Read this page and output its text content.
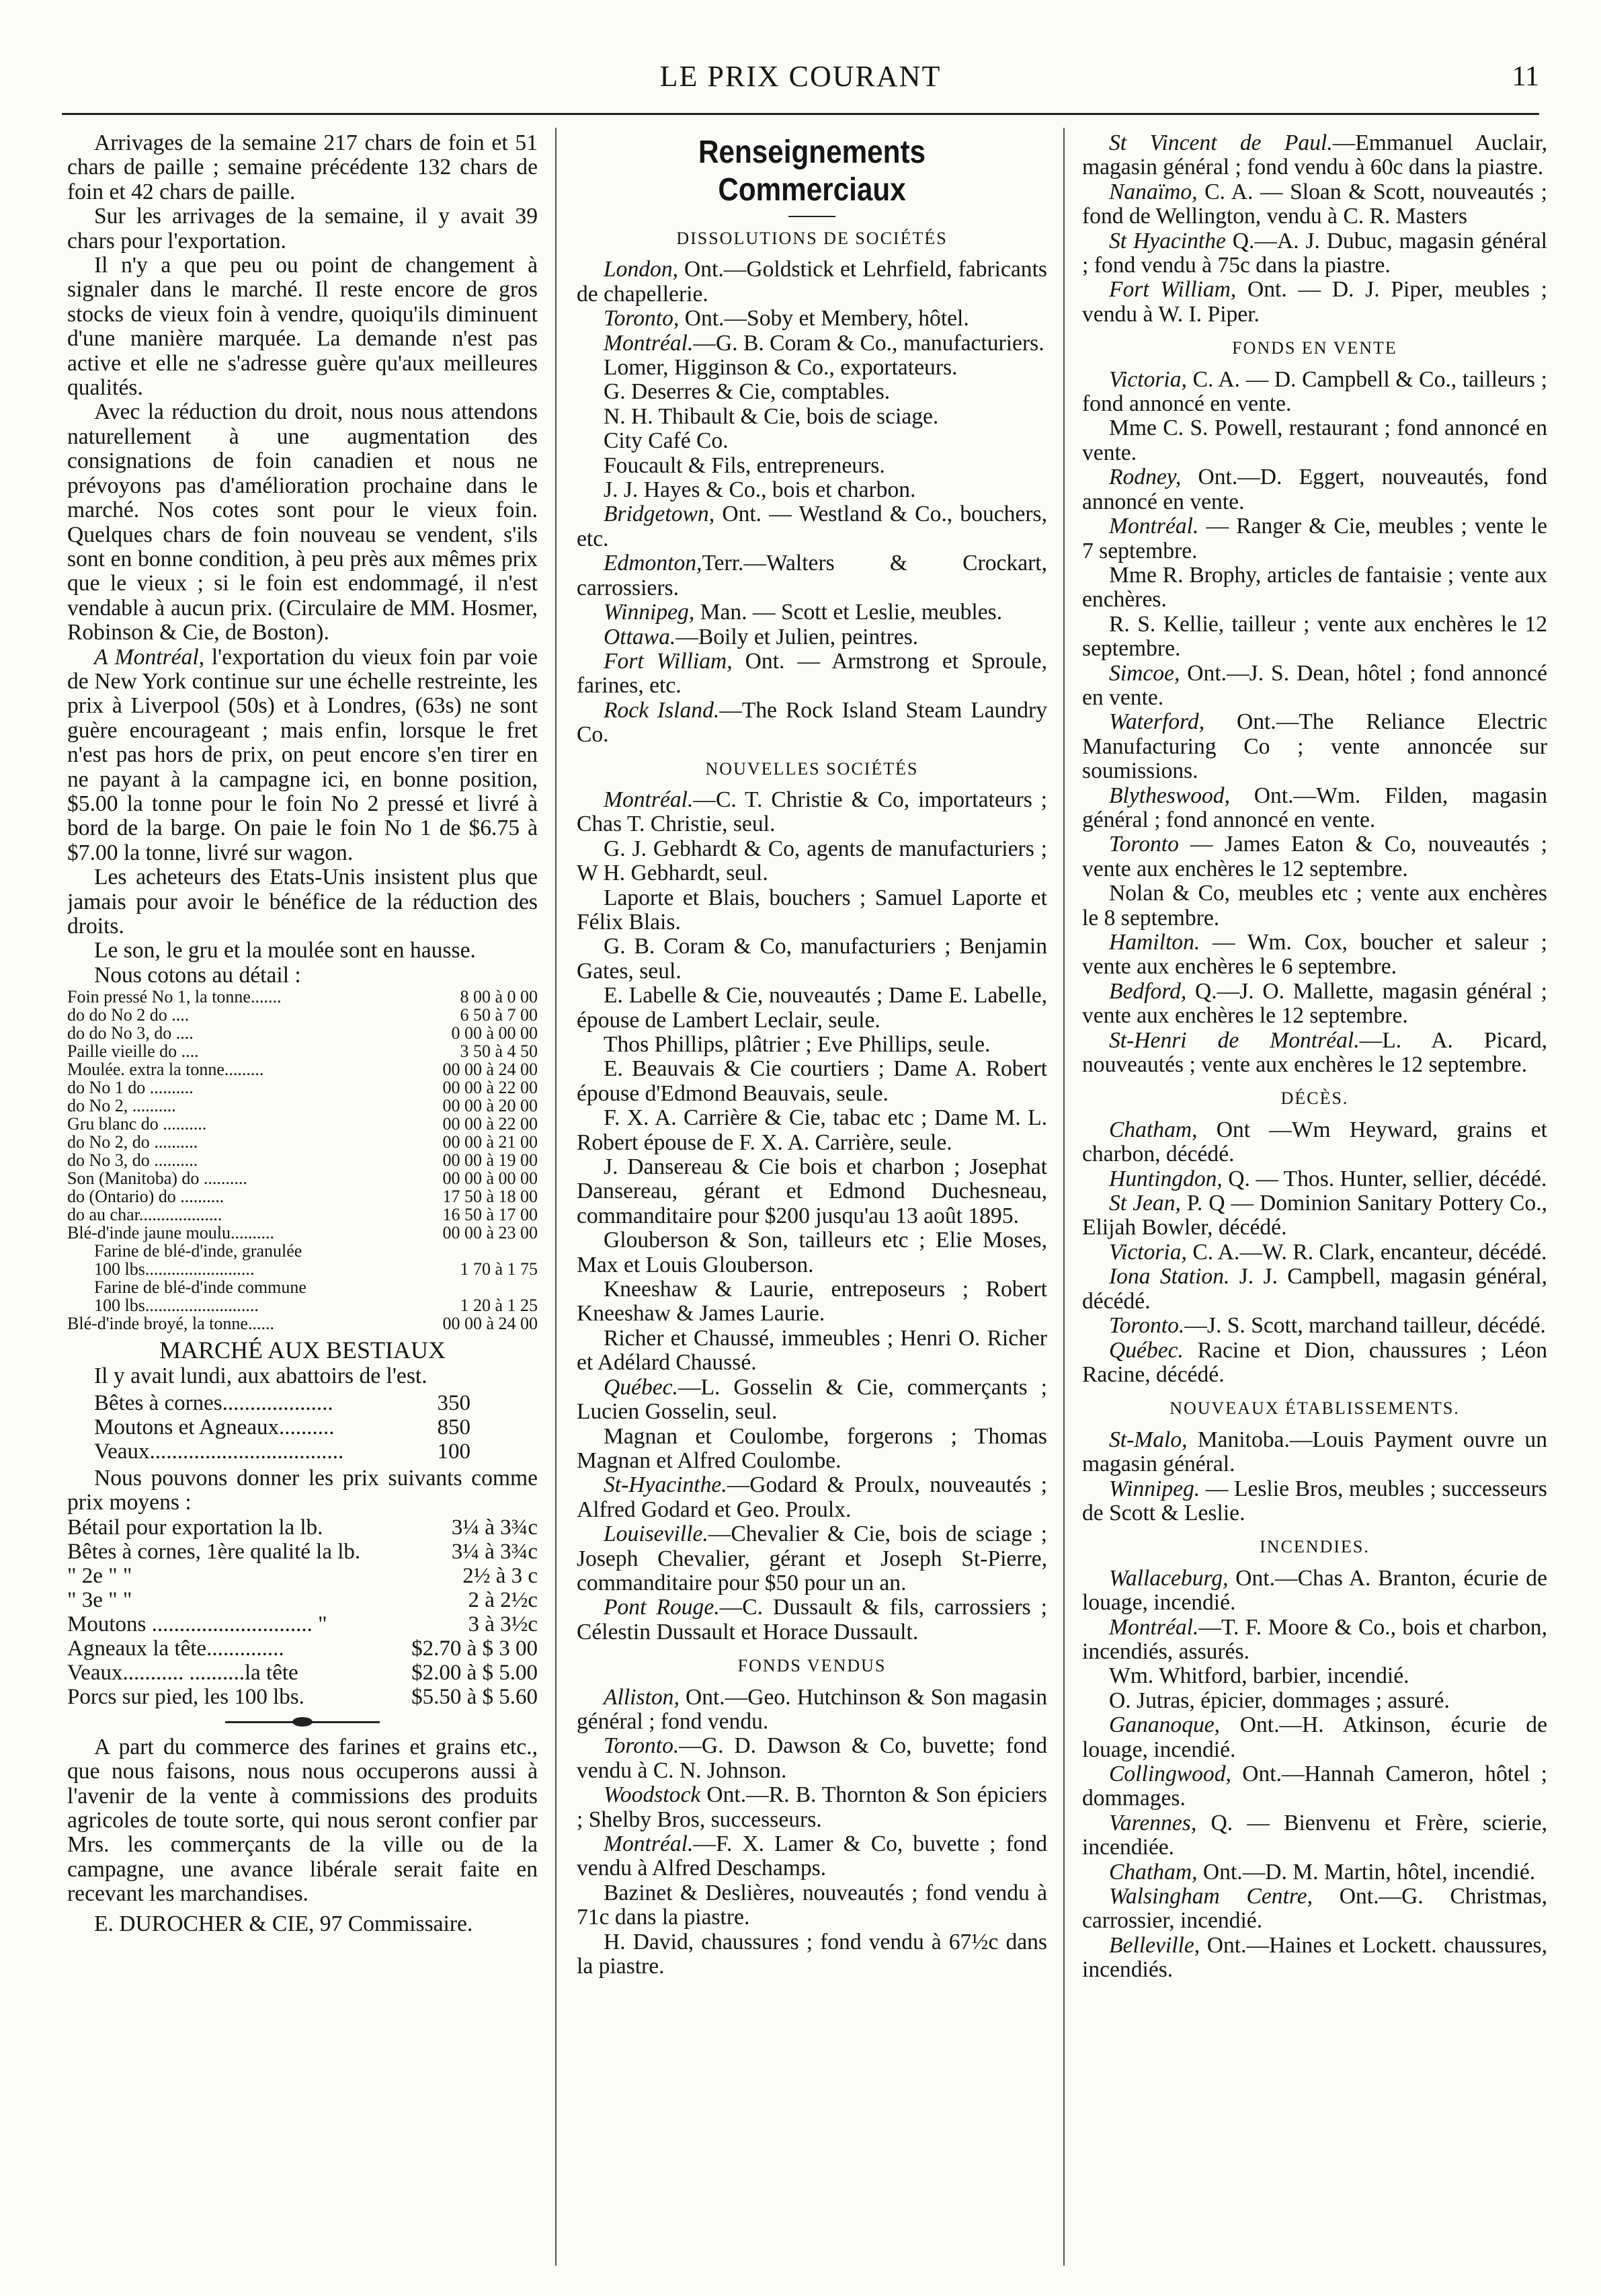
LE PRIX COURANT	11

Arrivages de la semaine 217 chars de foin et 51 chars de paille ; semaine précédente 132 chars de foin et 42 chars de paille.

Sur les arrivages de la semaine, il y avait 39 chars pour l'exportation.

Il n'y a que peu ou point de changement à signaler dans le marché. Il reste encore de gros stocks de vieux foin à vendre, quoiqu'ils diminuent d'une manière marquée. La demande n'est pas active et elle ne s'adresse guère qu'aux meilleures qualités.

Avec la réduction du droit, nous nous attendons naturellement à une augmentation des consignations de foin canadien et nous ne prévoyons pas d'amélioration prochaine dans le marché. Nos cotes sont pour le vieux foin. Quelques chars de foin nouveau se vendent, s'ils sont en bonne condition, à peu près aux mêmes prix que le vieux ; si le foin est endommagé, il n'est vendable à aucun prix. (Circulaire de MM. Hosmer, Robinson & Cie, de Boston).

A Montréal, l'exportation du vieux foin par voie de New York continue sur une échelle restreinte, les prix à Liverpool (50s) et à Londres, (63s) ne sont guère encourageant ; mais enfin, lorsque le fret n'est pas hors de prix, on peut encore s'en tirer en ne payant à la campagne ici, en bonne position, $5.00 la tonne pour le foin No 2 pressé et livré à bord de la barge. On paie le foin No 1 de $6.75 à $7.00 la tonne, livré sur wagon.

Les acheteurs des Etats-Unis insistent plus que jamais pour avoir le bénéfice de la réduction des droits.

Le son, le gru et la moulée sont en hausse.

Nous cotons au détail :

Foin pressé No 1, la tonne.......	8 00 à 0 00
do do No 2 do ....	6 50 à 7 00
do do No 3, do ....	0 00 à 00 00
Paille vieille do ....	3 50 à 4 50
Moulée. extra la tonne.........	00 00 à 24 00
do No 1 do ..........	00 00 à 22 00
do No 2, ..........	00 00 à 20 00
Gru blanc do ..........	00 00 à 22 00
do No 2, do ..........	00 00 à 21 00
do No 3, do ..........	00 00 à 19 00
Son (Manitoba) do ..........	00 00 à 00 00
do (Ontario) do ..........	17 50 à 18 00
do au char...................	16 50 à 17 00
Blé-d'inde jaune moulu..........	00 00 à 23 00
Farine de blé-d'inde, granulée
100 lbs.........................	1 70 à 1 75
Farine de blé-d'inde commune
100 lbs..........................	1 20 à 1 25
Blé-d'inde broyé, la tonne......	00 00 à 24 00

MARCHÉ AUX BESTIAUX

Il y avait lundi, aux abattoirs de l'est.

Bêtes à cornes....................	350
Moutons et Agneaux..........	850
Veaux...................................	100

Nous pouvons donner les prix suivants comme prix moyens :

Bétail pour exportation la lb.	3¼ à 3¾c
Bêtes à cornes, 1ère qualité la lb.	3¼ à 3¾c
" 2e " "	2½ à 3 c
" 3e " "	2 à 2½c
Moutons ............................. "	3 à 3½c
Agneaux la tête..............	$2.70 à $ 3 00
Veaux........... ..........la tête	$2.00 à $ 5.00
Porcs sur pied, les 100 lbs.	$5.50 à $ 5.60

A part du commerce des farines et grains etc., que nous faisons, nous nous occuperons aussi à l'avenir de la vente à commissions des produits agricoles de toute sorte, qui nous seront confier par Mrs. les commerçants de la ville ou de la campagne, une avance libérale serait faite en recevant les marchandises.

E. DUROCHER & CIE, 97 Commissaire.

Renseignements Commerciaux
DISSOLUTIONS DE SOCIÉTÉS

London, Ont.—Goldstick et Lehrfield, fabricants de chapellerie.

Toronto, Ont.—Soby et Membery, hôtel.

Montréal.—G. B. Coram & Co., manufacturiers.

Lomer, Higginson & Co., exportateurs.

G. Deserres & Cie, comptables.

N. H. Thibault & Cie, bois de sciage.

City Café Co.

Foucault & Fils, entrepreneurs.

J. J. Hayes & Co., bois et charbon.

Bridgetown, Ont. — Westland & Co., bouchers, etc.

Edmonton,Terr.—Walters & Crockart, carrossiers.

Winnipeg, Man. — Scott et Leslie, meubles.

Ottawa.—Boily et Julien, peintres.

Fort William, Ont. — Armstrong et Sproule, farines, etc.

Rock Island.—The Rock Island Steam Laundry Co.

NOUVELLES SOCIÉTÉS

Montréal.—C. T. Christie & Co, importateurs ; Chas T. Christie, seul.

G. J. Gebhardt & Co, agents de manufacturiers ; W H. Gebhardt, seul.

Laporte et Blais, bouchers ; Samuel Laporte et Félix Blais.

G. B. Coram & Co, manufacturiers ; Benjamin Gates, seul.

E. Labelle & Cie, nouveautés ; Dame E. Labelle, épouse de Lambert Leclair, seule.

Thos Phillips, plâtrier ; Eve Phillips, seule.

E. Beauvais & Cie courtiers ; Dame A. Robert épouse d'Edmond Beauvais, seule.

F. X. A. Carrière & Cie, tabac etc ; Dame M. L. Robert épouse de F. X. A. Carrière, seule.

J. Dansereau & Cie bois et charbon ; Josephat Dansereau, gérant et Edmond Duchesneau, commanditaire pour $200 jusqu'au 13 août 1895.

Glouberson & Son, tailleurs etc ; Elie Moses, Max et Louis Glouberson.

Kneeshaw & Laurie, entreposeurs ; Robert Kneeshaw & James Laurie.

Richer et Chaussé, immeubles ; Henri O. Richer et Adélard Chaussé.

Québec.—L. Gosselin & Cie, commerçants ; Lucien Gosselin, seul.

Magnan et Coulombe, forgerons ; Thomas Magnan et Alfred Coulombe.

St-Hyacinthe.—Godard & Proulx, nouveautés ; Alfred Godard et Geo. Proulx.

Louiseville.—Chevalier & Cie, bois de sciage ; Joseph Chevalier, gérant et Joseph St-Pierre, commanditaire pour $50 pour un an.

Pont Rouge.—C. Dussault & fils, carrossiers ; Célestin Dussault et Horace Dussault.

FONDS VENDUS

Alliston, Ont.—Geo. Hutchinson & Son magasin général ; fond vendu.

Toronto.—G. D. Dawson & Co, buvette; fond vendu à C. N. Johnson.

Woodstock Ont.—R. B. Thornton & Son épiciers ; Shelby Bros, successeurs.

Montréal.—F. X. Lamer & Co, buvette ; fond vendu à Alfred Deschamps.

Bazinet & Deslières, nouveautés ; fond vendu à 71c dans la piastre.

H. David, chaussures ; fond vendu à 67½c dans la piastre.

St Vincent de Paul.—Emmanuel Auclair, magasin général ; fond vendu à 60c dans la piastre.

Nanaïmo, C. A. — Sloan & Scott, nouveautés ; fond de Wellington, vendu à C. R. Masters

St Hyacinthe Q.—A. J. Dubuc, magasin général ; fond vendu à 75c dans la piastre.

Fort William, Ont. — D. J. Piper, meubles ; vendu à W. I. Piper.

FONDS EN VENTE

Victoria, C. A. — D. Campbell & Co., tailleurs ; fond annoncé en vente.

Mme C. S. Powell, restaurant ; fond annoncé en vente.

Rodney, Ont.—D. Eggert, nouveautés, fond annoncé en vente.

Montréal. — Ranger & Cie, meubles ; vente le 7 septembre.

Mme R. Brophy, articles de fantaisie ; vente aux enchères.

R. S. Kellie, tailleur ; vente aux enchères le 12 septembre.

Simcoe, Ont.—J. S. Dean, hôtel ; fond annoncé en vente.

Waterford, Ont.—The Reliance Electric Manufacturing Co ; vente annoncée sur soumissions.

Blytheswood, Ont.—Wm. Filden, magasin général ; fond annoncé en vente.

Toronto — James Eaton & Co, nouveautés ; vente aux enchères le 12 septembre.

Nolan & Co, meubles etc ; vente aux enchères le 8 septembre.

Hamilton. — Wm. Cox, boucher et saleur ; vente aux enchères le 6 septembre.

Bedford, Q.—J. O. Mallette, magasin général ; vente aux enchères le 12 septembre.

St-Henri de Montréal.—L. A. Picard, nouveautés ; vente aux enchères le 12 septembre.

DÉCÈS.

Chatham, Ont —Wm Heyward, grains et charbon, décédé.

Huntingdon, Q. — Thos. Hunter, sellier, décédé.

St Jean, P. Q — Dominion Sanitary Pottery Co., Elijah Bowler, décédé.

Victoria, C. A.—W. R. Clark, encanteur, décédé.

Iona Station. J. J. Campbell, magasin général, décédé.

Toronto.—J. S. Scott, marchand tailleur, décédé.

Québec. Racine et Dion, chaussures ; Léon Racine, décédé.

NOUVEAUX ÉTABLISSEMENTS.

St-Malo, Manitoba.—Louis Payment ouvre un magasin général.

Winnipeg. — Leslie Bros, meubles ; successeurs de Scott & Leslie.

INCENDIES.

Wallaceburg, Ont.—Chas A. Branton, écurie de louage, incendié.

Montréal.—T. F. Moore & Co., bois et charbon, incendiés, assurés.

Wm. Whitford, barbier, incendié.

O. Jutras, épicier, dommages ; assuré.

Gananoque, Ont.—H. Atkinson, écurie de louage, incendié.

Collingwood, Ont.—Hannah Cameron, hôtel ; dommages.

Varennes, Q. — Bienvenu et Frère, scierie, incendiée.

Chatham, Ont.—D. M. Martin, hôtel, incendié.

Walsingham Centre, Ont.—G. Christmas, carrossier, incendié.

Belleville, Ont.—Haines et Lockett. chaussures, incendiés.
